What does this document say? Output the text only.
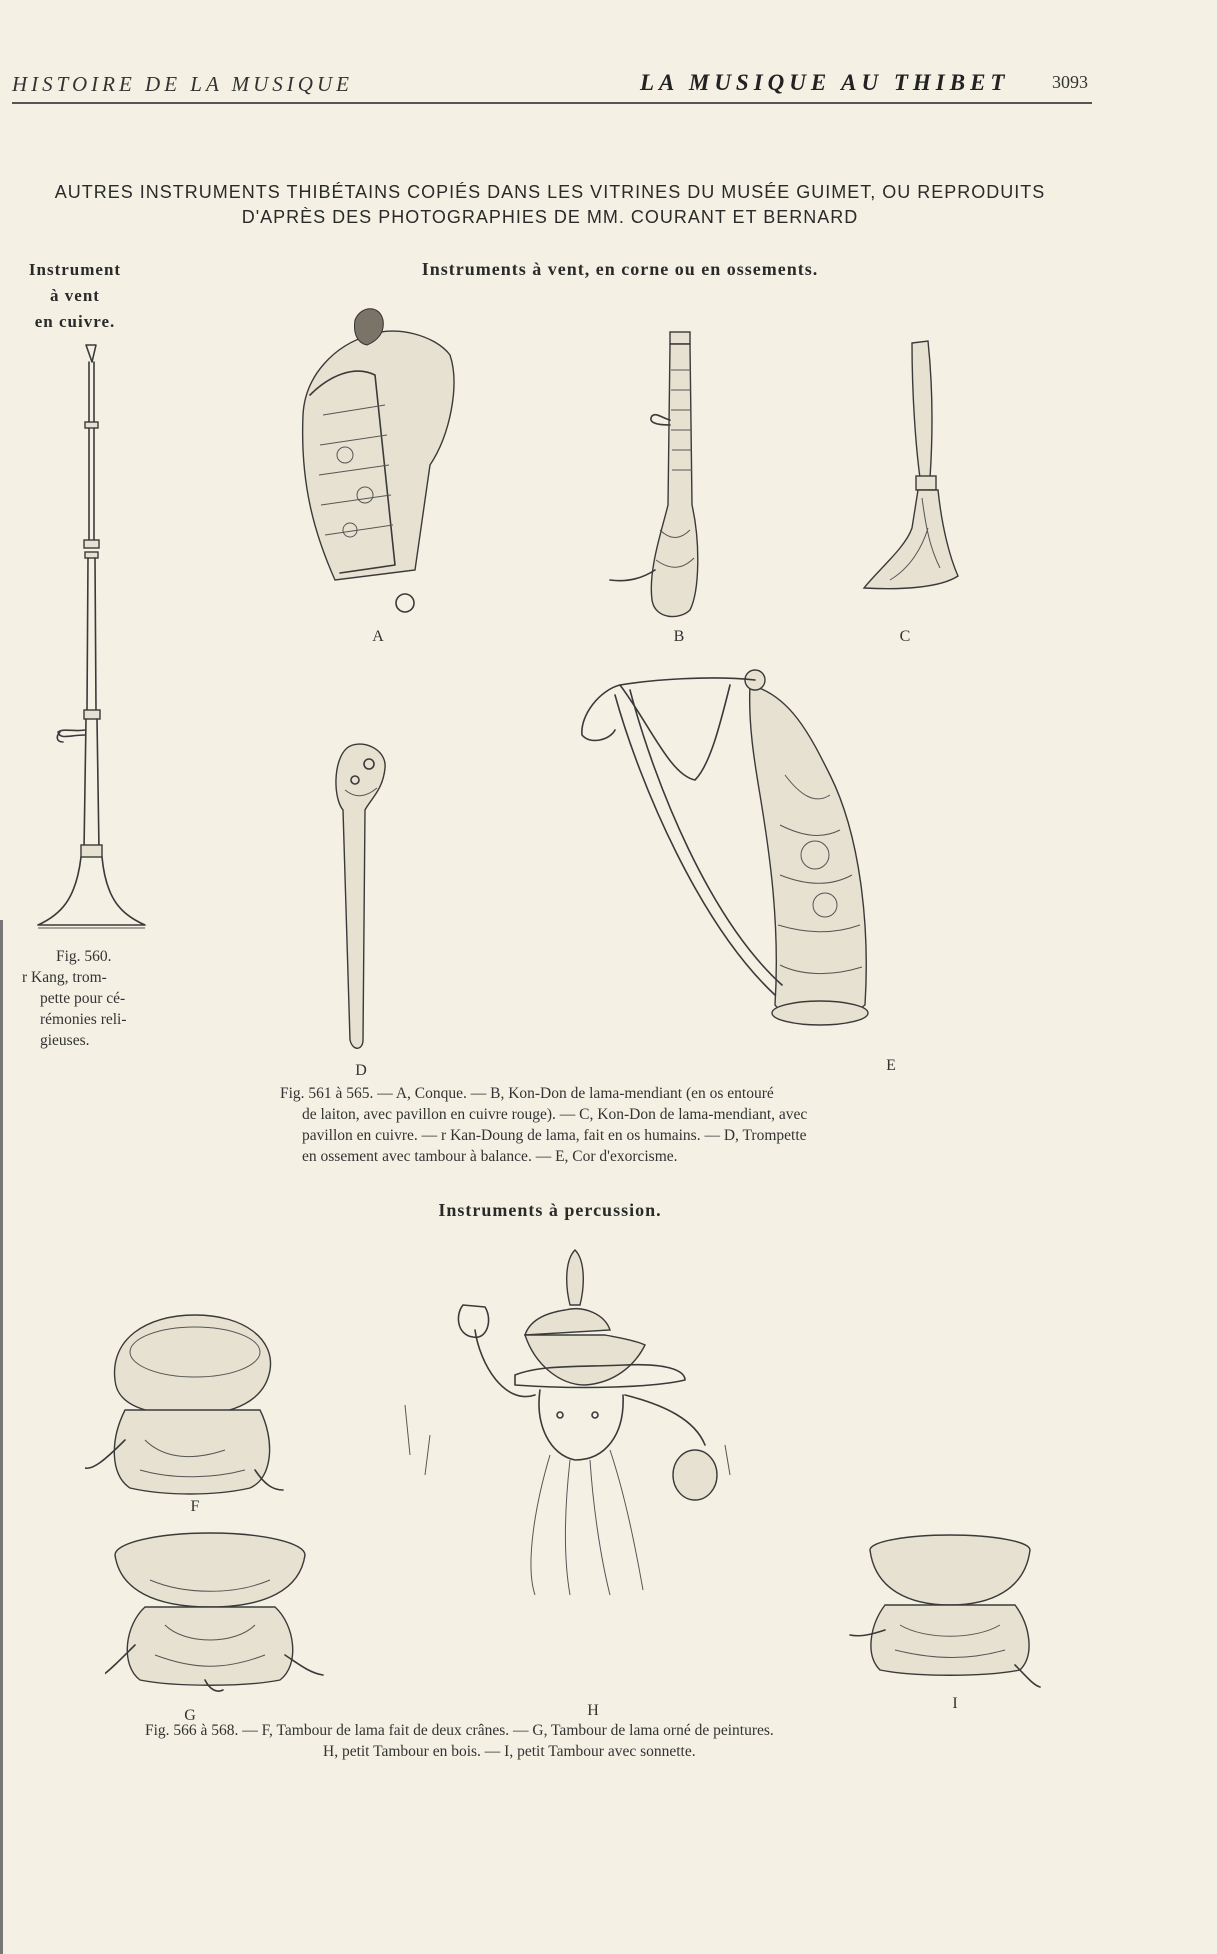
HISTOIRE DE LA MUSIQUE	LA MUSIQUE AU THIBET 3093
AUTRES INSTRUMENTS THIBÉTAINS COPIÉS DANS LES VITRINES DU MUSÉE GUIMET, OU REPRODUITS
D'APRÈS DES PHOTOGRAPHIES DE MM. COURANT ET BERNARD
Instrument
à vent
en cuivre.
Instruments à vent, en corne ou en ossements.
Fig. 560.
r Kang, trom-
pette pour cé-
rémonies reli-
gieuses.
A	B	C
D	E
Fig. 561 à 565. — A, Conque. — B, Kon-Don de lama-mendiant (en os entouré
de laiton, avec pavillon en cuivre rouge). — C, Kon-Don de lama-mendiant, avec
pavillon en cuivre. — r Kan-Doung de lama, fait en os humains. — D, Trompette
en ossement avec tambour à balance. — E, Cor d'exorcisme.
Instruments à percussion.
F
G	H	I
Fig. 566 à 568. — F, Tambour de lama fait de deux crânes. — G, Tambour de lama orné de peintures.
H, petit Tambour en bois. — I, petit Tambour avec sonnette.
